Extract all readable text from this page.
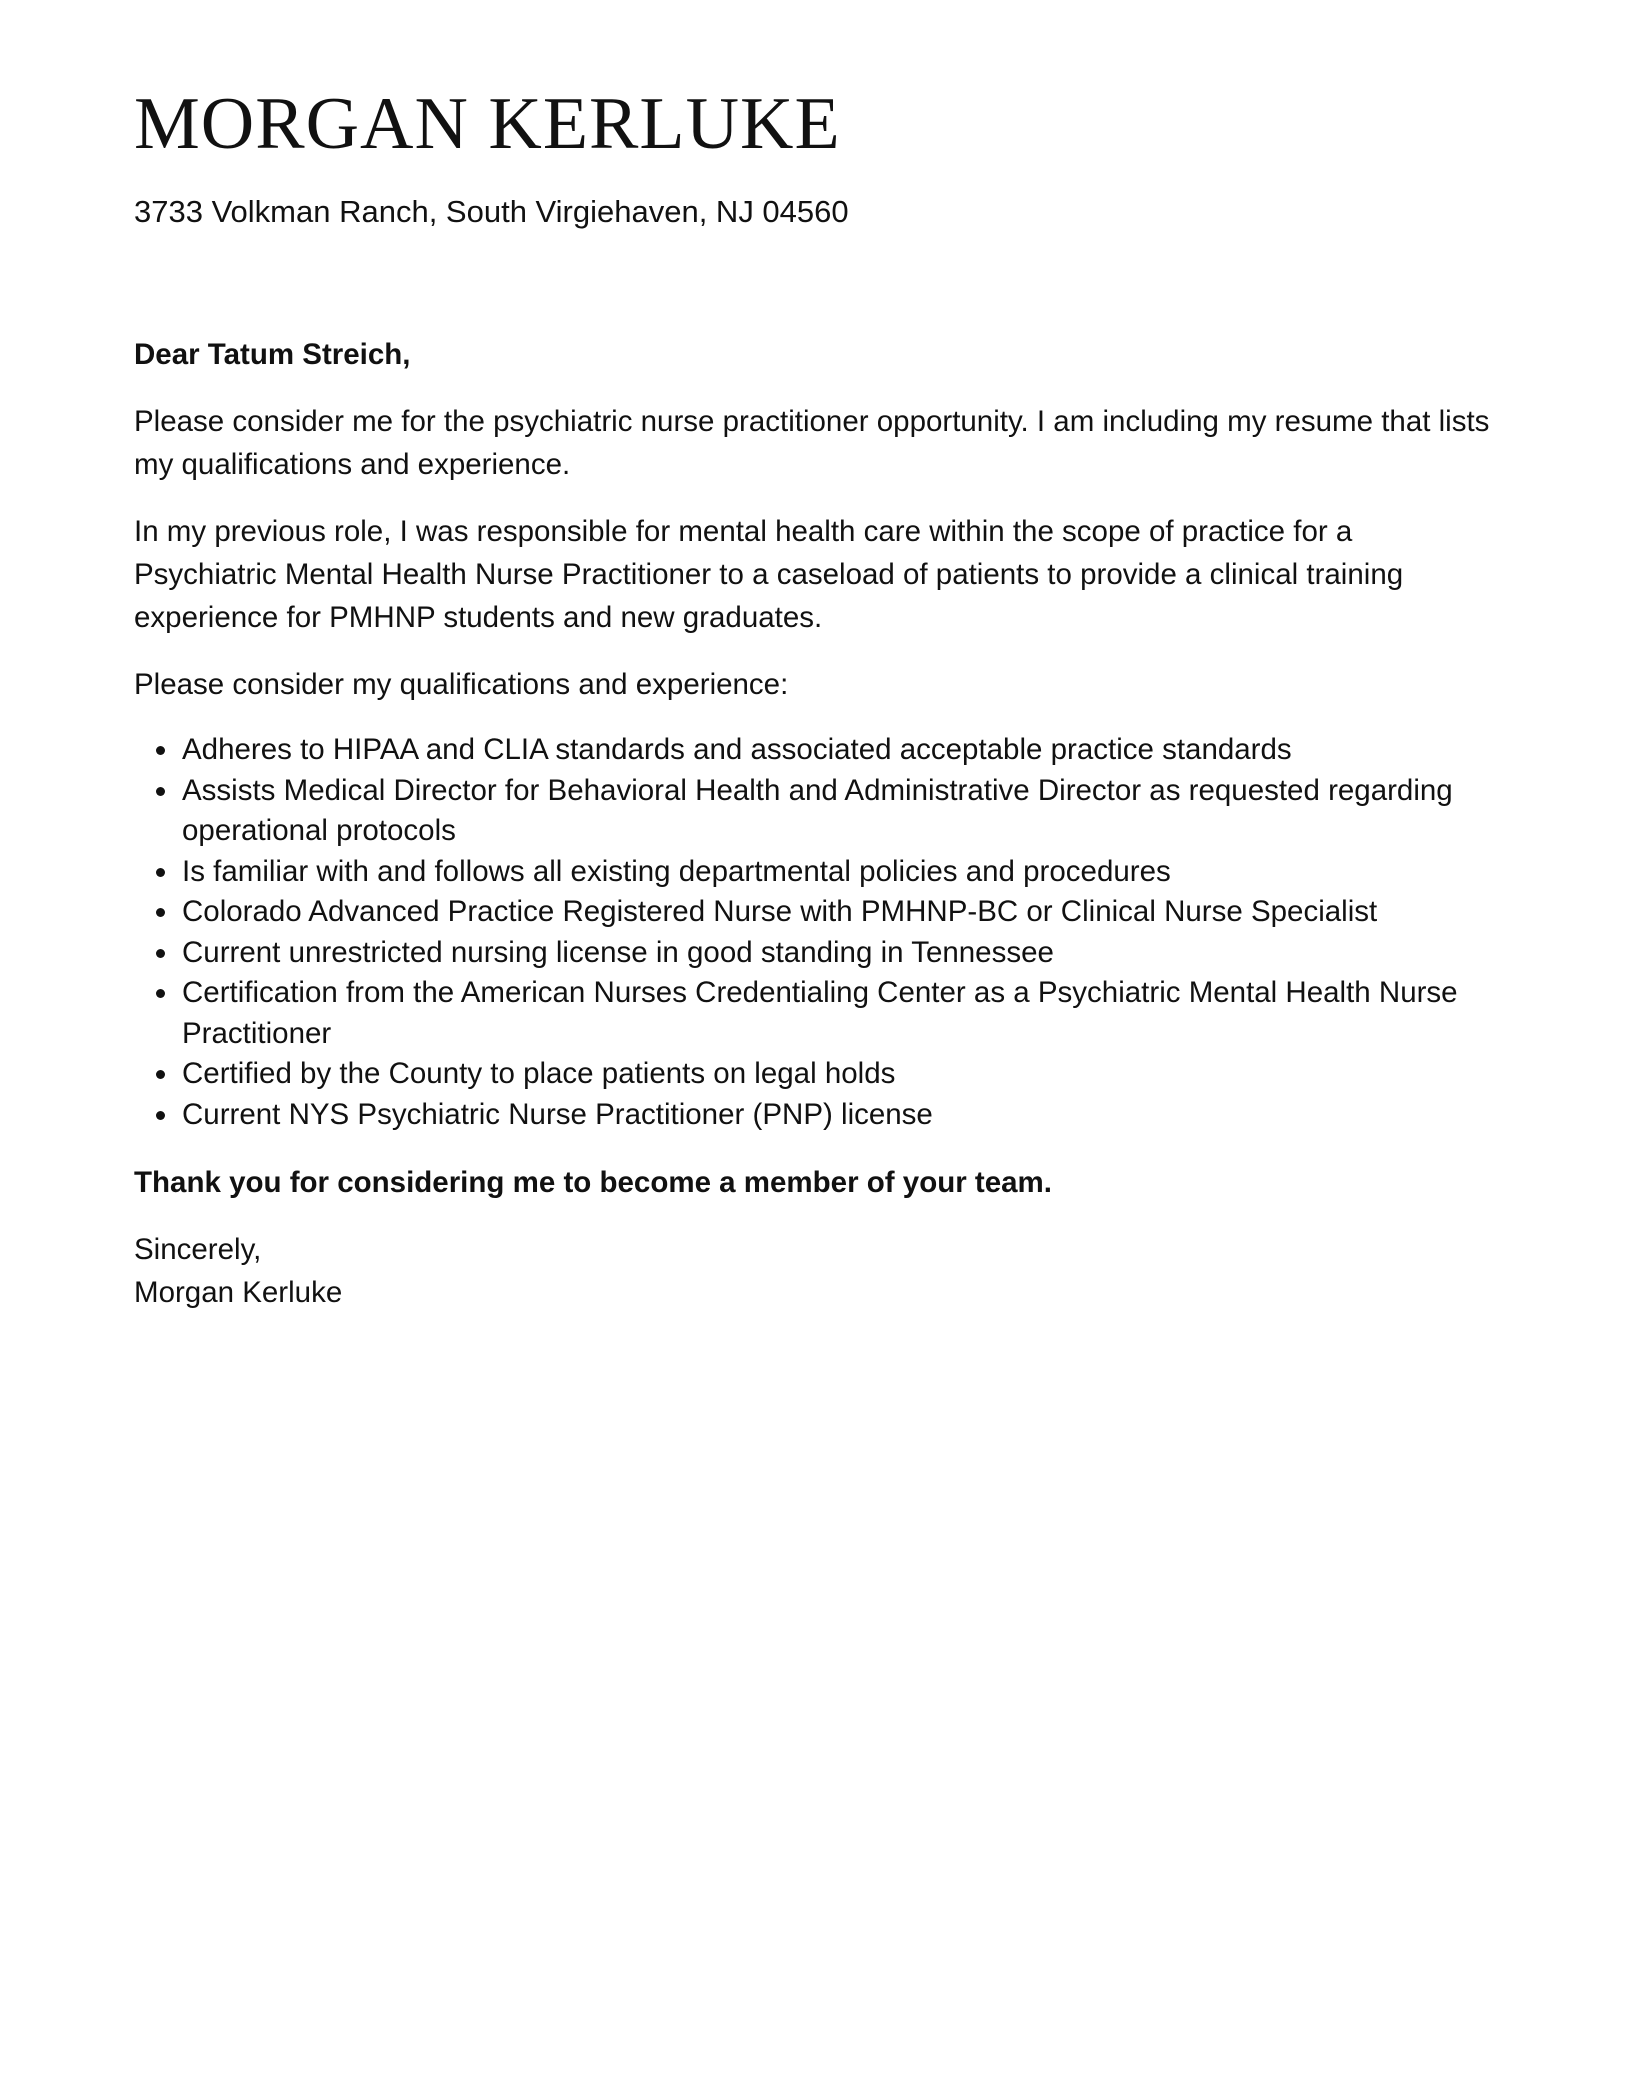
MORGAN KERLUKE
3733 Volkman Ranch, South Virgiehaven, NJ 04560

Dear Tatum Streich,

Please consider me for the psychiatric nurse practitioner opportunity. I am including my resume that lists my qualifications and experience.

In my previous role, I was responsible for mental health care within the scope of practice for a Psychiatric Mental Health Nurse Practitioner to a caseload of patients to provide a clinical training experience for PMHNP students and new graduates.

Please consider my qualifications and experience:

Adheres to HIPAA and CLIA standards and associated acceptable practice standards
Assists Medical Director for Behavioral Health and Administrative Director as requested regarding operational protocols
Is familiar with and follows all existing departmental policies and procedures
Colorado Advanced Practice Registered Nurse with PMHNP-BC or Clinical Nurse Specialist
Current unrestricted nursing license in good standing in Tennessee
Certification from the American Nurses Credentialing Center as a Psychiatric Mental Health Nurse Practitioner
Certified by the County to place patients on legal holds
Current NYS Psychiatric Nurse Practitioner (PNP) license

Thank you for considering me to become a member of your team.

Sincerely,
Morgan Kerluke
